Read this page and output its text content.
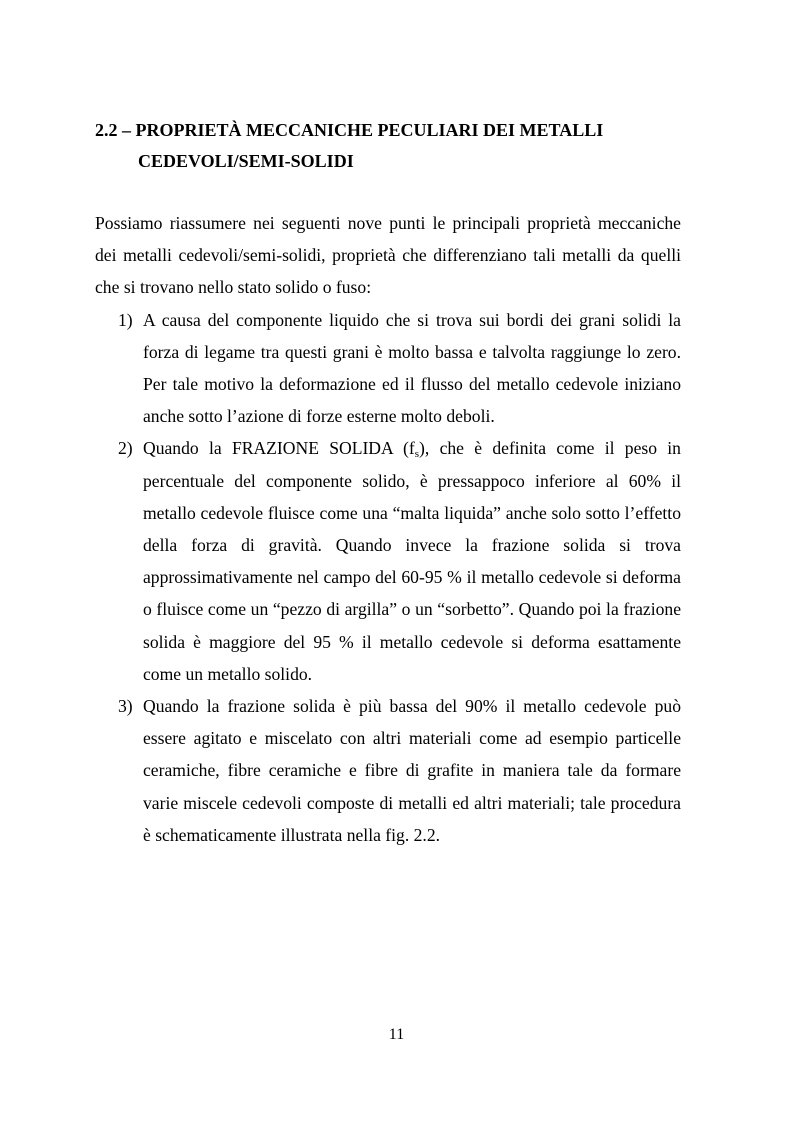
2.2 – PROPRIETÀ MECCANICHE PECULIARI DEI METALLI
CEDEVOLI/SEMI-SOLIDI

Possiamo riassumere nei seguenti nove punti le principali proprietà meccaniche dei metalli cedevoli/semi-solidi, proprietà che differenziano tali metalli da quelli che si trovano nello stato solido o fuso:

1) A causa del componente liquido che si trova sui bordi dei grani solidi la forza di legame tra questi grani è molto bassa e talvolta raggiunge lo zero. Per tale motivo la deformazione ed il flusso del metallo cedevole iniziano anche sotto l’azione di forze esterne molto deboli.
2) Quando la FRAZIONE SOLIDA $(f_s)$, che è definita come il peso in percentuale del componente solido, è pressappoco inferiore al 60% il metallo cedevole fluisce come una “malta liquida” anche solo sotto l’effetto della forza di gravità. Quando invece la frazione solida si trova approssimativamente nel campo del 60-95 % il metallo cedevole si deforma o fluisce come un “pezzo di argilla” o un “sorbetto”. Quando poi la frazione solida è maggiore del 95 % il metallo cedevole si deforma esattamente come un metallo solido.
3) Quando la frazione solida è più bassa del 90% il metallo cedevole può essere agitato e miscelato con altri materiali come ad esempio particelle ceramiche, fibre ceramiche e fibre di grafite in maniera tale da formare varie miscele cedevoli composte di metalli ed altri materiali; tale procedura è schematicamente illustrata nella fig. 2.2.
11
